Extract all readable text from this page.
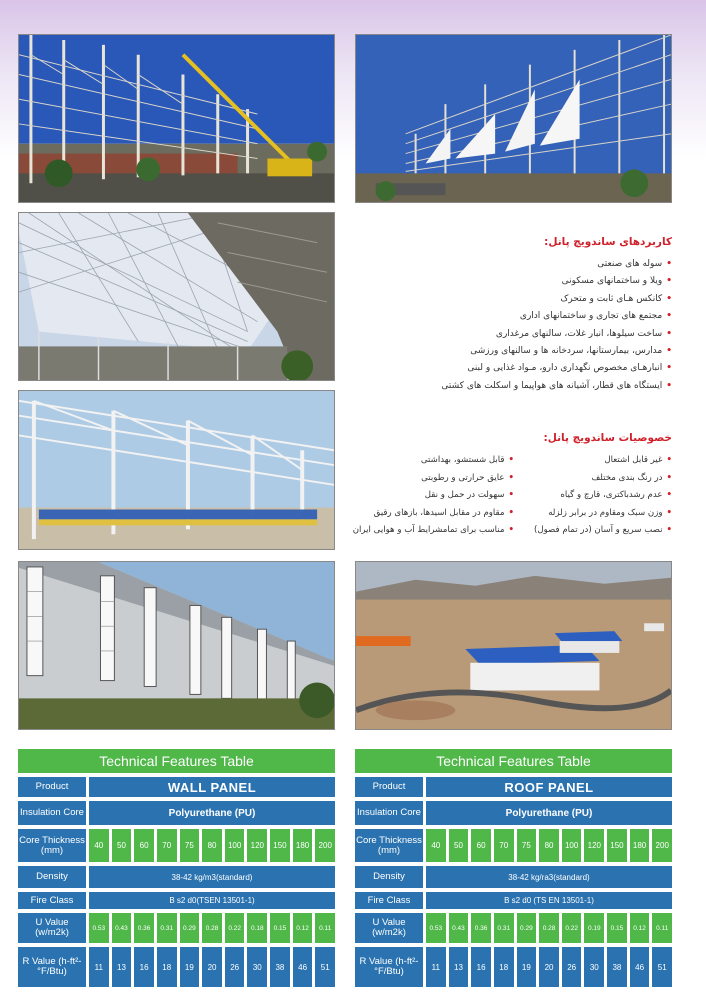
کاربردهای ساندویچ پانل:
•سوله های صنعتی
•ویلا و ساختمانهای مسکونی
•کانکس هـای ثابت و متحرک
•مجتمع های تجاری و ساختمانهای اداری
•ساخت سیلوها، انبار غلات، سالنهای مرغداری
•مدارس، بیمارستانها، سردخانه ها و سالنهای ورزشی
•انبارهـای مخصوص نگهداری دارو، مـواد غذایی و لبنی
•ایستگاه های قطار، آشیانه های هواپیما و اسکلت های کشتی
خصوصیات ساندویچ پانل:
•غیر قابل اشتعال
•در رنگ بندی مختلف
•عدم رشدباکتری، قارچ و گیاه
•وزن سبک ومقاوم در برابر زلزله
•نصب سریع و آسان (در تمام فصول)
•قابل شستشو، بهداشتی
•عایق حرارتی و رطوبتی
•سهولت در حمل و نقل
•مقاوم در مقابل اسیدها، بازهای رقیق
•مناسب برای تمامشرایط آب و هوایی ایران
Technical Features Table
Product	WALL PANEL
Insulation Core	Polyurethane (PU)
Core Thickness (mm)	40	50	60	70	75	80	100	120	150	180	200
Density	38-42 kg/m3(standard)
Fire Class	B s2 d0(TSEN 13501-1)
U Value (w/m2k)	0.53	0.43	0.36	0.31	0.29	0.28	0.22	0.18	0.15	0.12	0.11
R Value (h-ft²-°F/Btu)	11	13	16	18	19	20	26	30	38	46	51
Technical Features Table
Product	ROOF PANEL
Insulation Core	Polyurethane (PU)
Core Thickness (mm)	40	50	60	70	75	80	100	120	150	180	200
Density	38-42 kg/ra3(standard)
Fire Class	B s2 d0 (TS EN 13501-1)
U Value (w/m2k)	0.53	0.43	0.36	0.31	0.29	0.28	0.22	0.19	0.15	0.12	0.11
R Value (h-ft²-°F/Btu)	11	13	16	18	19	20	26	30	38	46	51
